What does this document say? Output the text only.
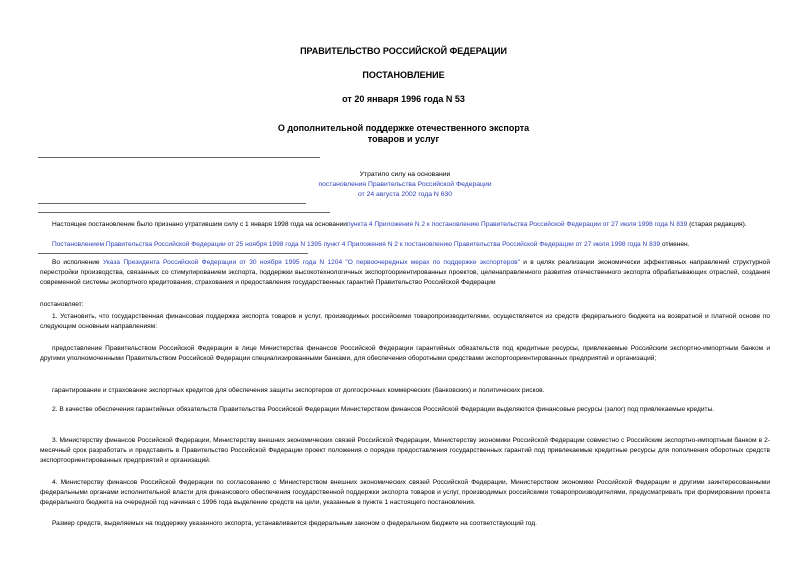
ПРАВИТЕЛЬСТВО РОССИЙСКОЙ ФЕДЕРАЦИИ
ПОСТАНОВЛЕНИЕ
от 20 января 1996 года N 53
О дополнительной поддержке отечественного экспорта
товаров и услуг
Утратило силу на основании
постановления Правительства Российской Федерации
от 24 августа 2002 года N 630
Настоящее постановление было признано утратившим силу с 1 января 1998 года на основаниипункта 4 Приложения N 2 к постановлению Правительства Российской Федерации от 27 июля 1998 года N 839 (старая редакция).
Постановлением Правительства Российской Федерации от 25 ноября 1998 года N 1395 пункт 4 Приложения N 2 к постановлению Правительства Российской Федерации от 27 июля 1998 года N 839 отменен.
Во исполнение Указа Президента Российской Федерации от 30 ноября 1995 года N 1204 "О первоочередных мерах по поддержке экспортеров" и в целях реализации экономически эффективных направлений структурной перестройки производства, связанных со стимулированием экспорта, поддержки высокотехнологичных экспортоориентированных проектов, целенаправленного развития отечественного экспорта обрабатывающих отраслей, создания современной системы экспортного кредитования, страхования и предоставления государственных гарантий Правительство Российской Федерации
постановляет:
1. Установить, что государственная финансовая поддержка экспорта товаров и услуг, производимых российскими товаропроизводителями, осуществляется из средств федерального бюджета на возвратной и платной основе по следующим основным направлениям:
предоставление Правительством Российской Федерации в лице Министерства финансов Российской Федерации гарантийных обязательств под кредитные ресурсы, привлекаемые Российским экспортно-импортным банком и другими уполномоченными Правительством Российской Федерации специализированными банками, для обеспечения оборотными средствами экспортоориентированных предприятий и организаций;
гарантирование и страхование экспортных кредитов для обеспечения защиты экспортеров от долгосрочных коммерческих (банковских) и политических рисков.
2. В качестве обеспечения гарантийных обязательств Правительства Российской Федерации Министерством финансов Российской Федерации выделяются финансовые ресурсы (залог) под привлекаемые кредиты.
3. Министерству финансов Российской Федерации, Министерству внешних экономических связей Российской Федерации, Министерству экономики Российской Федерации совместно с Российским экспортно-импортным банком в 2-месячный срок разработать и представить в Правительство Российской Федерации проект положения о порядке предоставления государственных гарантий под привлекаемые кредитные ресурсы для пополнения оборотных средств экспортоориентированных предприятий и организаций.
4. Министерству финансов Российской Федерации по согласованию с Министерством внешних экономических связей Российской Федерации, Министерством экономики Российской Федерации и другими заинтересованными федеральными органами исполнительной власти для финансового обеспечения государственной поддержки экспорта товаров и услуг, производимых российскими товаропроизводителями, предусматривать при формировании проекта федерального бюджета на очередной год начиная с 1996 года выделение средств на цели, указанные в пункте 1 настоящего постановления.
Размер средств, выделяемых на поддержку указанного экспорта, устанавливается федеральным законом о федеральном бюджете на соответствующий год.
